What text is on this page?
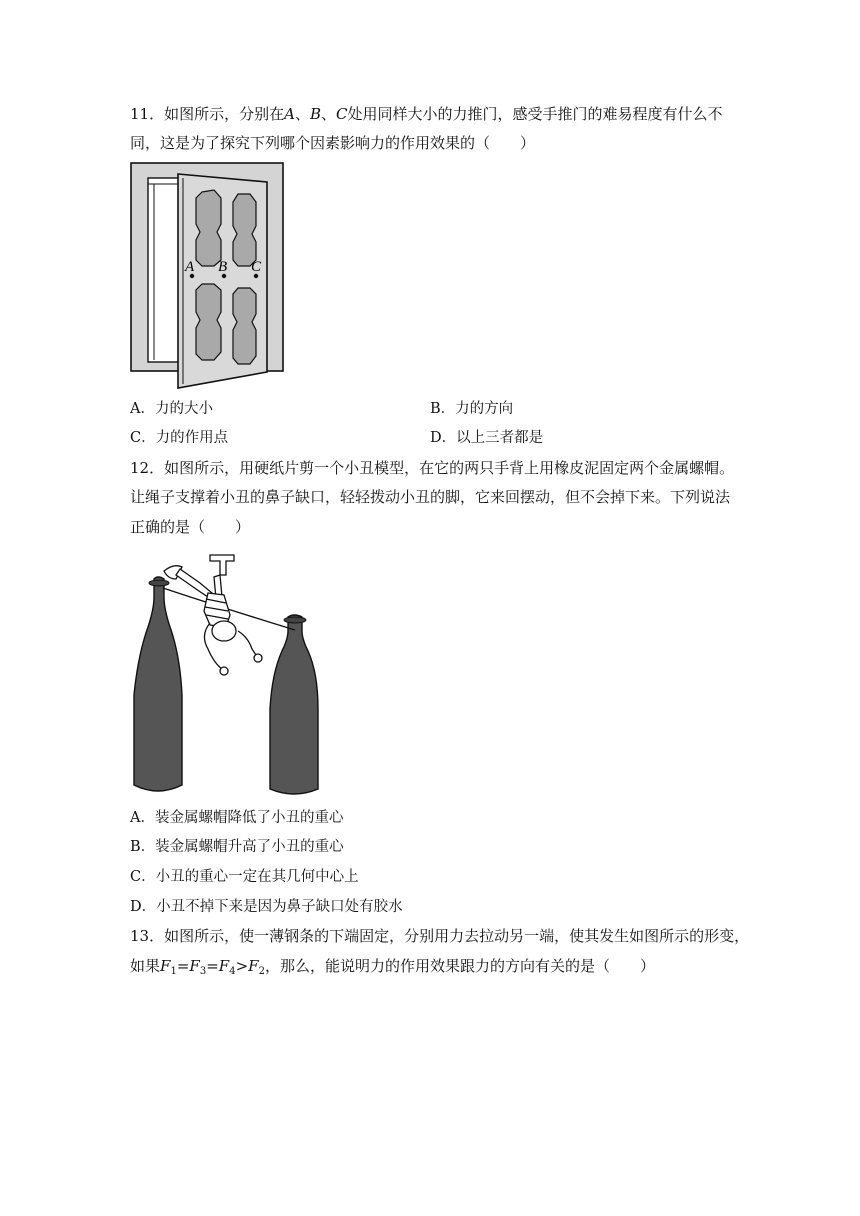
11．如图所示，分别在A、B、C处用同样大小的力推门，感受手推门的难易程度有什么不
同，这是为了探究下列哪个因素影响力的作用效果的（　　）
A B C
A．力的大小	B．力的方向
C．力的作用点	D．以上三者都是
12．如图所示，用硬纸片剪一个小丑模型，在它的两只手背上用橡皮泥固定两个金属螺帽。
让绳子支撑着小丑的鼻子缺口，轻轻拨动小丑的脚，它来回摆动，但不会掉下来。下列说法
正确的是（　　）
A．装金属螺帽降低了小丑的重心
B．装金属螺帽升高了小丑的重心
C．小丑的重心一定在其几何中心上
D．小丑不掉下来是因为鼻子缺口处有胶水
13．如图所示，使一薄钢条的下端固定，分别用力去拉动另一端，使其发生如图所示的形变，
如果$F_1=F_3=F_4>F_2$，那么，能说明力的作用效果跟力的方向有关的是（　　）
